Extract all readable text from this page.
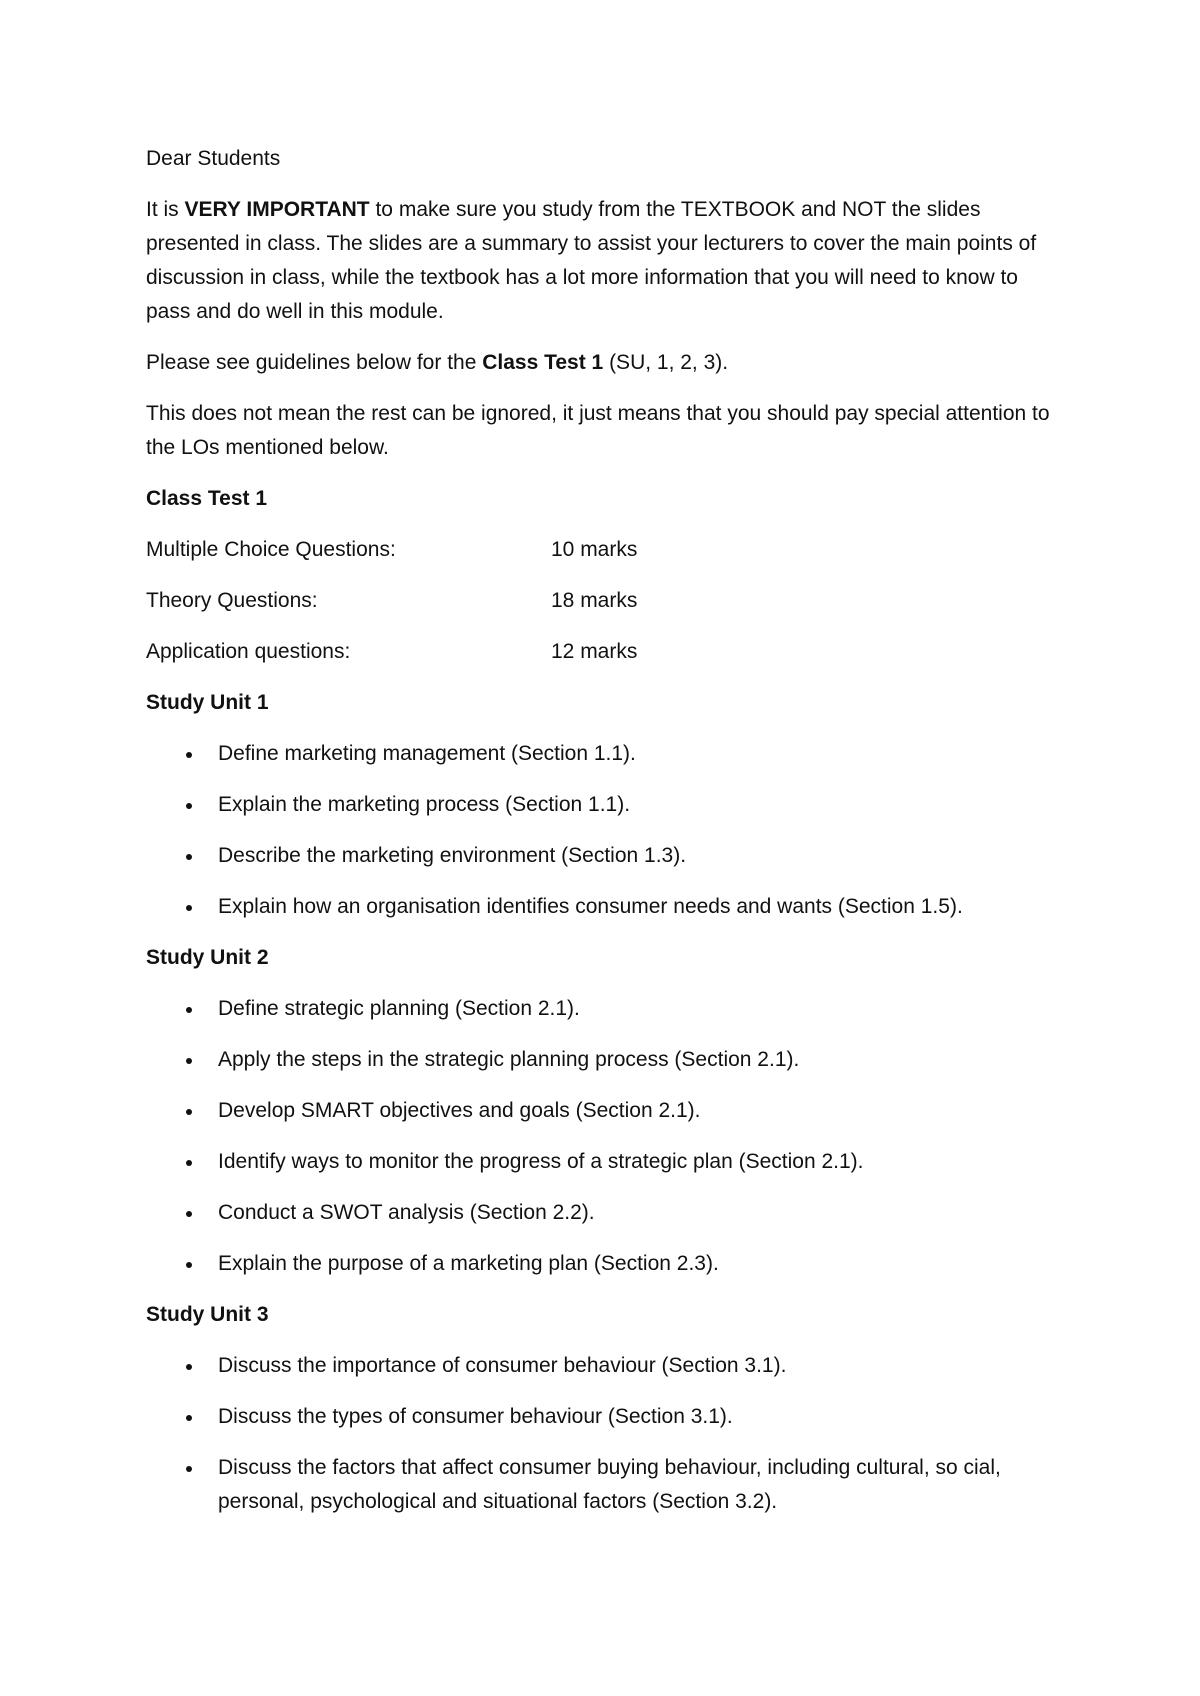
Dear Students

It is VERY IMPORTANT to make sure you study from the TEXTBOOK and NOT the slides presented in class. The slides are a summary to assist your lecturers to cover the main points of discussion in class, while the textbook has a lot more information that you will need to know to pass and do well in this module.

Please see guidelines below for the Class Test 1 (SU, 1, 2, 3).

This does not mean the rest can be ignored, it just means that you should pay special attention to the LOs mentioned below.

Class Test 1
Multiple Choice Questions:	10 marks
Theory Questions:	18 marks
Application questions:	12 marks
Study Unit 1
Define marketing management (Section 1.1).
Explain the marketing process (Section 1.1).
Describe the marketing environment (Section 1.3).
Explain how an organisation identifies consumer needs and wants (Section 1.5).
Study Unit 2
Define strategic planning (Section 2.1).
Apply the steps in the strategic planning process (Section 2.1).
Develop SMART objectives and goals (Section 2.1).
Identify ways to monitor the progress of a strategic plan (Section 2.1).
Conduct a SWOT analysis (Section 2.2).
Explain the purpose of a marketing plan (Section 2.3).
Study Unit 3
Discuss the importance of consumer behaviour (Section 3.1).
Discuss the types of consumer behaviour (Section 3.1).
Discuss the factors that affect consumer buying behaviour, including cultural, so cial, personal, psychological and situational factors (Section 3.2).
